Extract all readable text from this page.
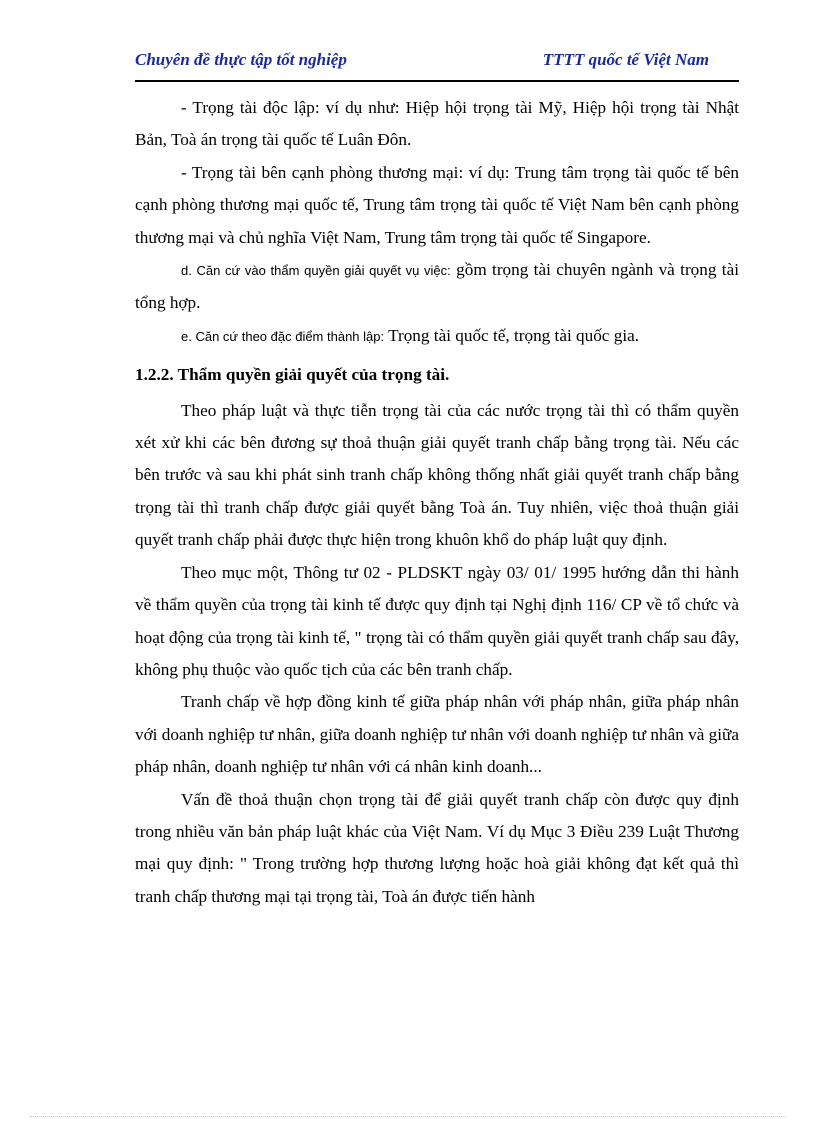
Chuyên đề thực tập tốt nghiệp	TTTT quốc tế Việt Nam

- Trọng tài độc lập: ví dụ như: Hiệp hội trọng tài Mỹ, Hiệp hội trọng tài Nhật Bản, Toà án trọng tài quốc tế Luân Đôn.

- Trọng tài bên cạnh phòng thương mại: ví dụ: Trung tâm trọng tài quốc tế bên cạnh phòng thương mại quốc tế, Trung tâm trọng tài quốc tế Việt Nam bên cạnh phòng thương mại và chủ nghĩa Việt Nam, Trung tâm trọng tài quốc tế Singapore.

d. Căn cứ vào thẩm quyền giải quyết vụ việc: gồm trọng tài chuyên ngành và trọng tài tổng hợp.

e. Căn cứ theo đặc điểm thành lập: Trọng tài quốc tế, trọng tài quốc gia.

1.2.2. Thẩm quyền giải quyết của trọng tài.

Theo pháp luật và thực tiễn trọng tài của các nước trọng tài thì có thẩm quyền xét xử khi các bên đương sự thoả thuận giải quyết tranh chấp bằng trọng tài. Nếu các bên trước và sau khi phát sinh tranh chấp không thống nhất giải quyết tranh chấp bằng trọng tài thì tranh chấp được giải quyết bằng Toà án. Tuy nhiên, việc thoả thuận giải quyết tranh chấp phải được thực hiện trong khuôn khổ do pháp luật quy định.

Theo mục một, Thông tư 02 - PLDSKT ngày 03/ 01/ 1995 hướng dẫn thi hành về thẩm quyền của trọng tài kinh tế được quy định tại Nghị định 116/ CP về tổ chức và hoạt động của trọng tài kinh tế, " trọng tài có thẩm quyền giải quyết tranh chấp sau đây, không phụ thuộc vào quốc tịch của các bên tranh chấp.

Tranh chấp về hợp đồng kinh tế giữa pháp nhân với pháp nhân, giữa pháp nhân với doanh nghiệp tư nhân, giữa doanh nghiệp tư nhân với doanh nghiệp tư nhân và giữa pháp nhân, doanh nghiệp tư nhân với cá nhân kinh doanh...

Vấn đề thoả thuận chọn trọng tài để giải quyết tranh chấp còn được quy định trong nhiều văn bản pháp luật khác của Việt Nam. Ví dụ Mục 3 Điều 239 Luật Thương mại quy định: " Trong trường hợp thương lượng hoặc hoà giải không đạt kết quả thì tranh chấp thương mại tại trọng tài, Toà án được tiến hành
